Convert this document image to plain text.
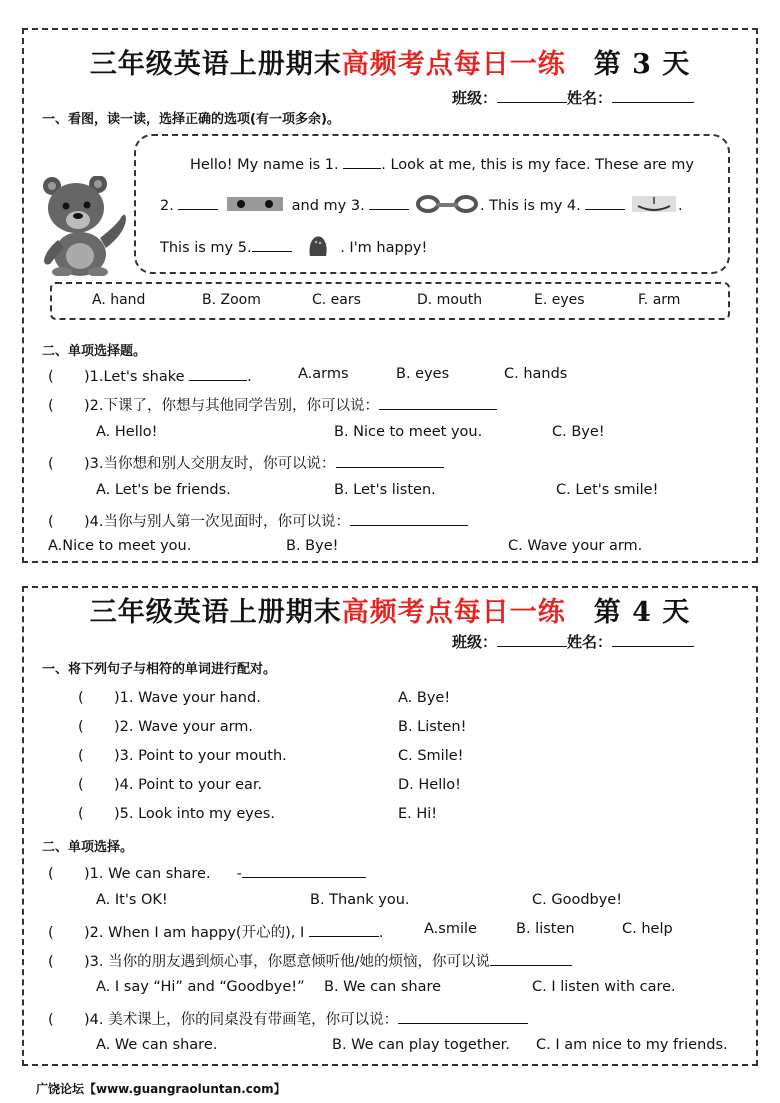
三年级英语上册期末高频考点每日一练 第 3 天
班级：	姓名：
一、看图，读一读，选择正确的选项(有一项多余)。
Hello! My name is 1.	. Look at me, this is my face. These are my
2.	and my 3.	. This is my 4.	.
This is my 5.	. I'm happy!
A. hand	B. Zoom	C. ears	D. mouth	E. eyes	F. arm
二、单项选择题。
( )1.Let's shake	.	A.arms	B. eyes	C. hands
( )2.下课了，你想与其他同学告别，你可以说：
A. Hello!	B. Nice to meet you.	C. Bye!
( )3.当你想和别人交朋友时，你可以说：
A. Let's be friends.	B. Let's listen.	C. Let's smile!
( )4.当你与别人第一次见面时，你可以说：
A.Nice to meet you.	B. Bye!	C. Wave your arm.
三年级英语上册期末高频考点每日一练 第 4 天
班级：	姓名：
一、将下列句子与相符的单词进行配对。
( )1. Wave your hand.	A. Bye!
( )2. Wave your arm.	B. Listen!
( )3. Point to your mouth.	C. Smile!
( )4. Point to your ear.	D. Hello!
( )5. Look into my eyes.	E. Hi!
二、单项选择。
( )1. We can share. -
A. It's OK!	B. Thank you.	C. Goodbye!
( )2. When I am happy(开心的), I	.	A.smile	B. listen	C. help
( )3. 当你的朋友遇到烦心事，你愿意倾听他/她的烦恼，你可以说
A. I say “Hi” and “Goodbye!” B. We can share	C. I listen with care.
( )4. 美术课上，你的同桌没有带画笔，你可以说：
A. We can share.	B. We can play together. C. I am nice to my friends.
广饶论坛【www.guangraoluntan.com】
